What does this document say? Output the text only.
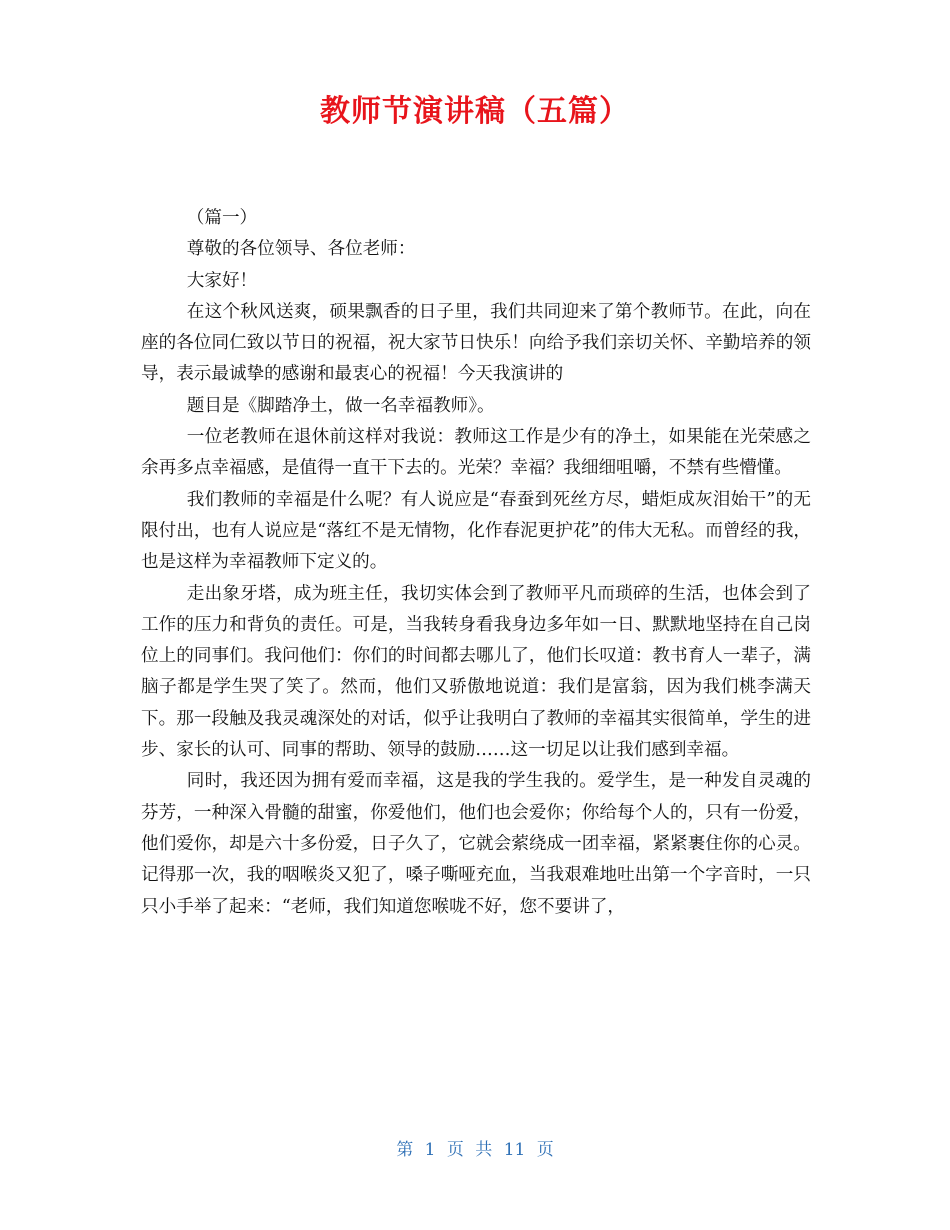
教师节演讲稿（五篇）

（篇一）

尊敬的各位领导、各位老师：

大家好！

在这个秋风送爽，硕果飘香的日子里，我们共同迎来了第个教师节。在此，向在座的各位同仁致以节日的祝福，祝大家节日快乐！向给予我们亲切关怀、辛勤培养的领导，表示最诚挚的感谢和最衷心的祝福！今天我演讲的

题目是《脚踏净土，做一名幸福教师》。

一位老教师在退休前这样对我说：教师这工作是少有的净土，如果能在光荣感之余再多点幸福感，是值得一直干下去的。光荣？幸福？我细细咀嚼，不禁有些懵懂。

我们教师的幸福是什么呢？有人说应是“春蚕到死丝方尽，蜡炬成灰泪始干”的无限付出，也有人说应是“落红不是无情物，化作春泥更护花”的伟大无私。而曾经的我，也是这样为幸福教师下定义的。

走出象牙塔，成为班主任，我切实体会到了教师平凡而琐碎的生活，也体会到了工作的压力和背负的责任。可是，当我转身看我身边多年如一日、默默地坚持在自己岗位上的同事们。我问他们：你们的时间都去哪儿了，他们长叹道：教书育人一辈子，满脑子都是学生哭了笑了。然而，他们又骄傲地说道：我们是富翁，因为我们桃李满天下。那一段触及我灵魂深处的对话，似乎让我明白了教师的幸福其实很简单，学生的进步、家长的认可、同事的帮助、领导的鼓励……这一切足以让我们感到幸福。

同时，我还因为拥有爱而幸福，这是我的学生我的。爱学生，是一种发自灵魂的芬芳，一种深入骨髓的甜蜜，你爱他们，他们也会爱你；你给每个人的，只有一份爱，他们爱你，却是六十多份爱，日子久了，它就会萦绕成一团幸福，紧紧裹住你的心灵。记得那一次，我的咽喉炎又犯了，嗓子嘶哑充血，当我艰难地吐出第一个字音时，一只只小手举了起来：“老师，我们知道您喉咙不好，您不要讲了，

第 1 页 共 11 页
